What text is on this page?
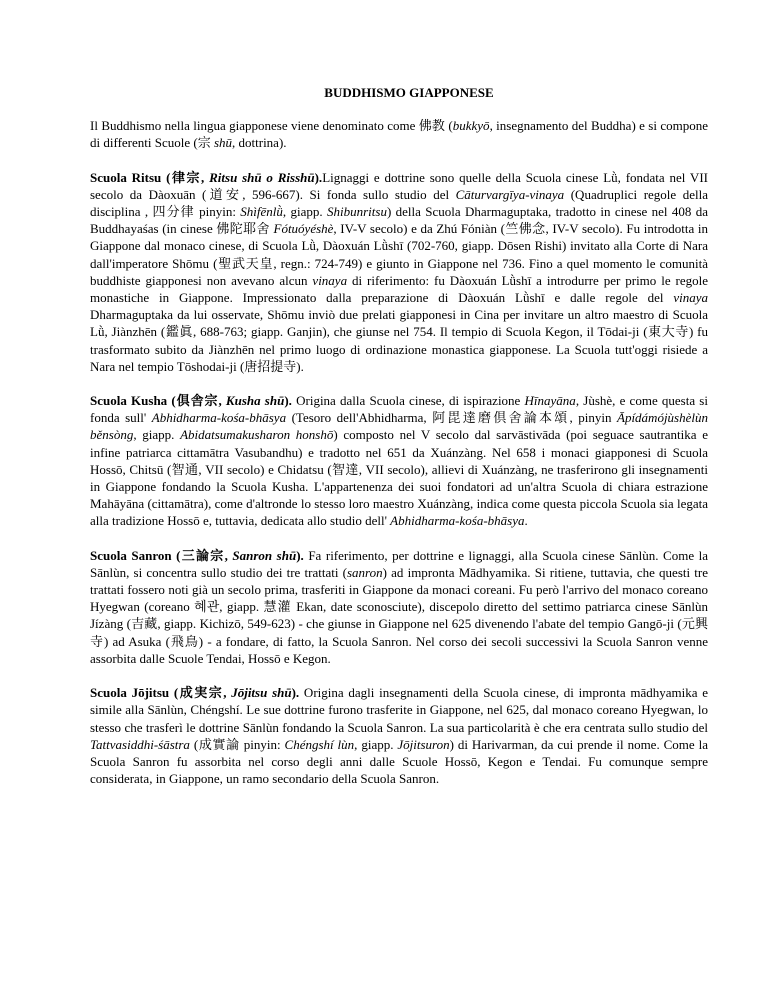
BUDDHISMO GIAPPONESE

Il Buddhismo nella lingua giapponese viene denominato come 佛教 (bukkyō, insegnamento del Buddha) e si compone di differenti Scuole (宗 shū, dottrina).

Scuola Ritsu (律宗, Ritsu shū o Risshū).Lignaggi e dottrine sono quelle della Scuola cinese Lǜ, fondata nel VII secolo da Dàoxuān (道安, 596-667). Si fonda sullo studio del Cāturvargīya-vinaya (Quadruplici regole della disciplina , 四分律 pinyin: Shìfēnlǜ, giapp. Shibunritsu) della Scuola Dharmaguptaka, tradotto in cinese nel 408 da Buddhayaśas (in cinese 佛陀耶舍 Fótuóyéshè, IV-V secolo) e da Zhú Fóniàn (竺佛念, IV-V secolo). Fu introdotta in Giappone dal monaco cinese, di Scuola Lǜ, Dàoxuán Lǜshī (702-760, giapp. Dōsen Rishi) invitato alla Corte di Nara dall'imperatore Shōmu (聖武天皇, regn.: 724-749) e giunto in Giappone nel 736. Fino a quel momento le comunità buddhiste giapponesi non avevano alcun vinaya di riferimento: fu Dàoxuán Lǜshī a introdurre per primo le regole monastiche in Giappone. Impressionato dalla preparazione di Dàoxuán Lǜshī e dalle regole del vinaya Dharmaguptaka da lui osservate, Shōmu inviò due prelati giapponesi in Cina per invitare un altro maestro di Scuola Lǜ, Jiànzhēn (鑑眞, 688-763; giapp. Ganjin), che giunse nel 754. Il tempio di Scuola Kegon, il Tōdai-ji (東大寺) fu trasformato subito da Jiànzhēn nel primo luogo di ordinazione monastica giapponese. La Scuola tutt'oggi risiede a Nara nel tempio Tōshodai-ji (唐招提寺).

Scuola Kusha (倶舎宗, Kusha shū). Origina dalla Scuola cinese, di ispirazione Hīnayāna, Jùshè, e come questa si fonda sull' Abhidharma-kośa-bhāsya (Tesoro dell'Abhidharma, 阿毘達磨倶舍論本頌, pinyin Āpídámójùshèlùn běnsòng, giapp. Abidatsumakusharon honshō) composto nel V secolo dal sarvāstivāda (poi seguace sautrantika e infine patriarca cittamātra Vasubandhu) e tradotto nel 651 da Xuánzàng. Nel 658 i monaci giapponesi di Scuola Hossō, Chitsū (智通, VII secolo) e Chidatsu (智達, VII secolo), allievi di Xuánzàng, ne trasferirono gli insegnamenti in Giappone fondando la Scuola Kusha. L'appartenenza dei suoi fondatori ad un'altra Scuola di chiara estrazione Mahāyāna (cittamātra), come d'altronde lo stesso loro maestro Xuánzàng, indica come questa piccola Scuola sia legata alla tradizione Hossō e, tuttavia, dedicata allo studio dell' Abhidharma-kośa-bhāsya.

Scuola Sanron (三論宗, Sanron shū). Fa riferimento, per dottrine e lignaggi, alla Scuola cinese Sānlùn. Come la Sānlùn, si concentra sullo studio dei tre trattati (sanron) ad impronta Mādhyamika. Si ritiene, tuttavia, che questi tre trattati fossero noti già un secolo prima, trasferiti in Giappone da monaci coreani. Fu però l'arrivo del monaco coreano Hyegwan (coreano 혜관, giapp. 慧灌 Ekan, date sconosciute), discepolo diretto del settimo patriarca cinese Sānlùn Jízàng (吉藏, giapp. Kichizō, 549-623) - che giunse in Giappone nel 625 divenendo l'abate del tempio Gangō-ji (元興寺) ad Asuka (飛鳥) - a fondare, di fatto, la Scuola Sanron. Nel corso dei secoli successivi la Scuola Sanron venne assorbita dalle Scuole Tendai, Hossō e Kegon.

Scuola Jōjitsu (成実宗, Jōjitsu shū). Origina dagli insegnamenti della Scuola cinese, di impronta mādhyamika e simile alla Sānlùn, Chéngshí. Le sue dottrine furono trasferite in Giappone, nel 625, dal monaco coreano Hyegwan, lo stesso che trasferì le dottrine Sānlùn fondando la Scuola Sanron. La sua particolarità è che era centrata sullo studio del Tattvasiddhi-śāstra (成實論 pinyin: Chéngshí lùn, giapp. Jōjitsuron) di Harivarman, da cui prende il nome. Come la Scuola Sanron fu assorbita nel corso degli anni dalle Scuole Hossō, Kegon e Tendai. Fu comunque sempre considerata, in Giappone, un ramo secondario della Scuola Sanron.
